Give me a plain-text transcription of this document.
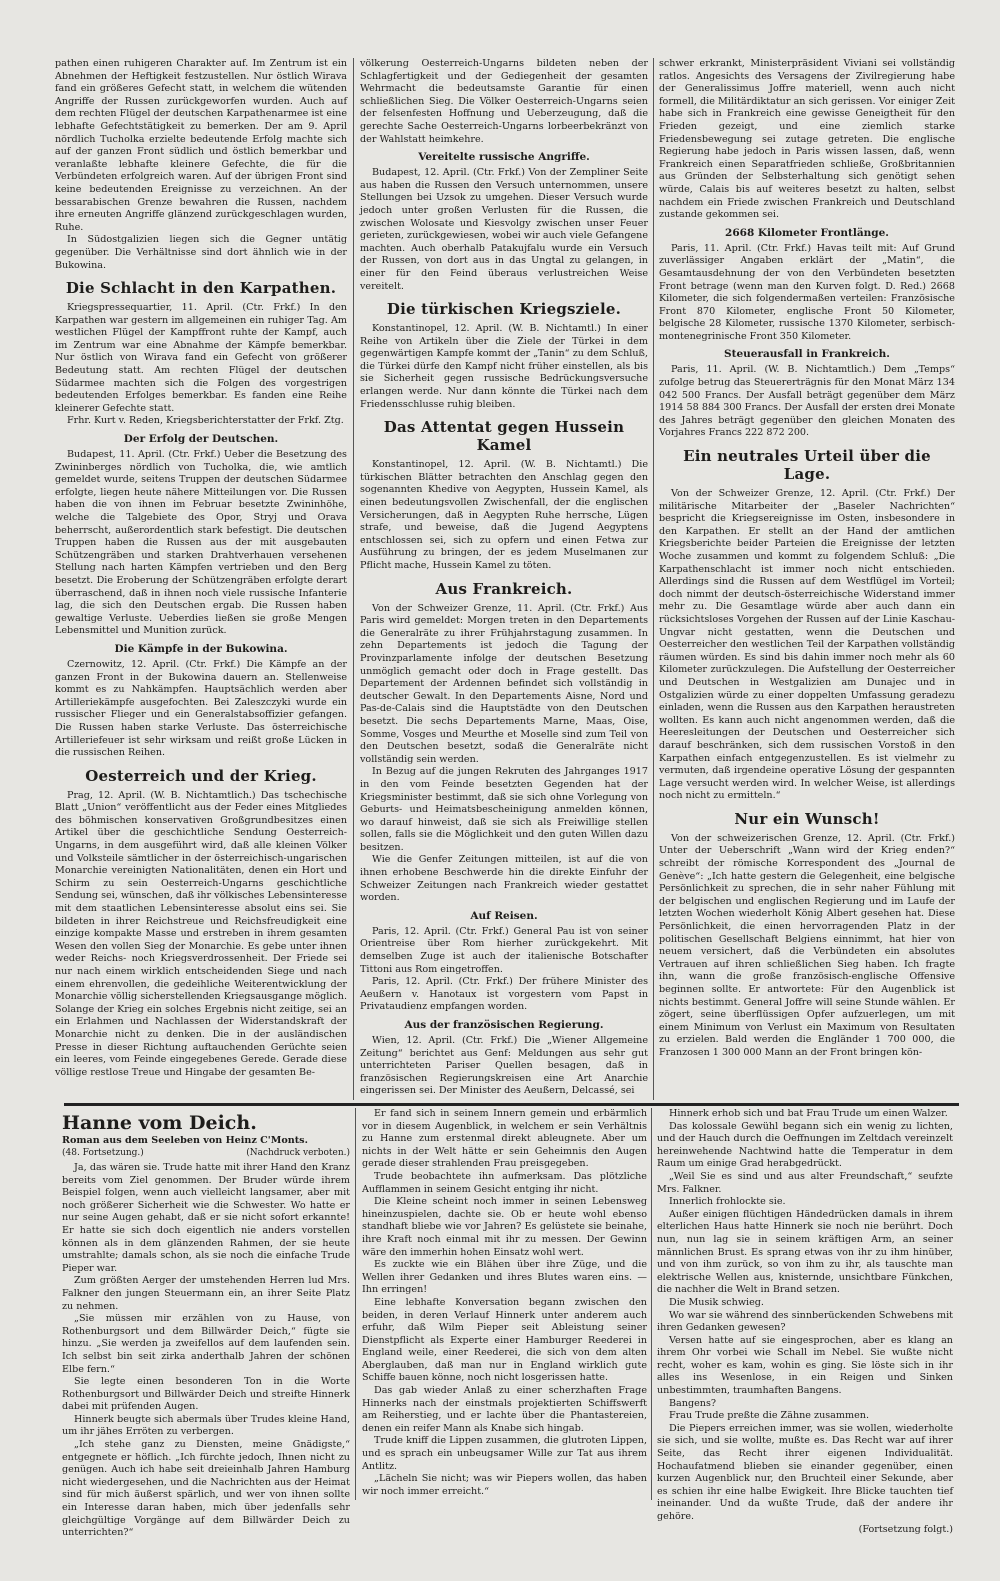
pathen einen ruhigeren Charakter auf. Im Zentrum ist ein Abnehmen der Heftigkeit festzustellen. Nur östlich Wirava fand ein größeres Gefecht statt, in welchem die wütenden Angriffe der Russen zurückgeworfen wurden. Auch auf dem rechten Flügel der deutschen Karpathenarmee ist eine lebhafte Gefechtstätigkeit zu bemerken. Der am 9. April nördlich Tucholka erzielte bedeutende Erfolg machte sich auf der ganzen Front südlich und östlich bemerkbar und veranlaßte lebhafte kleinere Gefechte, die für die Verbündeten erfolgreich waren. Auf der übrigen Front sind keine bedeutenden Ereignisse zu verzeichnen. An der bessarabischen Grenze bewahren die Russen, nachdem ihre erneuten Angriffe glänzend zurückgeschlagen wurden, Ruhe.

In Südostgalizien liegen sich die Gegner untätig gegenüber. Die Verhältnisse sind dort ähnlich wie in der Bukowina.

Die Schlacht in den Karpathen.

Kriegspressequartier, 11. April. (Ctr. Frkf.) In den Karpathen war gestern im allgemeinen ein ruhiger Tag. Am westlichen Flügel der Kampffront ruhte der Kampf, auch im Zentrum war eine Abnahme der Kämpfe bemerkbar. Nur östlich von Wirava fand ein Gefecht von größerer Bedeutung statt. Am rechten Flügel der deutschen Südarmee machten sich die Folgen des vorgestrigen bedeutenden Erfolges bemerkbar. Es fanden eine Reihe kleinerer Gefechte statt.

Frhr. Kurt v. Reden, Kriegsberichterstatter der Frkf. Ztg.

Der Erfolg der Deutschen.

Budapest, 11. April. (Ctr. Frkf.) Ueber die Besetzung des Zwininberges nördlich von Tucholka, die, wie amtlich gemeldet wurde, seitens Truppen der deutschen Südarmee erfolgte, liegen heute nähere Mitteilungen vor. Die Russen haben die von ihnen im Februar besetzte Zwininhöhe, welche die Talgebiete des Opor, Stryj und Orava beherrscht, außerordentlich stark befestigt. Die deutschen Truppen haben die Russen aus der mit ausgebauten Schützengräben und starken Drahtverhauen versehenen Stellung nach harten Kämpfen vertrieben und den Berg besetzt. Die Eroberung der Schützengräben erfolgte derart überraschend, daß in ihnen noch viele russische Infanterie lag, die sich den Deutschen ergab. Die Russen haben gewaltige Verluste. Ueberdies ließen sie große Mengen Lebensmittel und Munition zurück.

Die Kämpfe in der Bukowina.

Czernowitz, 12. April. (Ctr. Frkf.) Die Kämpfe an der ganzen Front in der Bukowina dauern an. Stellenweise kommt es zu Nahkämpfen. Hauptsächlich werden aber Artilleriekämpfe ausgefochten. Bei Zaleszczyki wurde ein russischer Flieger und ein Generalstabsoffizier gefangen. Die Russen haben starke Verluste. Das österreichische Artilleriefeuer ist sehr wirksam und reißt große Lücken in die russischen Reihen.

Oesterreich und der Krieg.

Prag, 12. April. (W. B. Nichtamtlich.) Das tschechische Blatt „Union“ veröffentlicht aus der Feder eines Mitgliedes des böhmischen konservativen Großgrundbesitzes einen Artikel über die geschichtliche Sendung Oesterreich-Ungarns, in dem ausgeführt wird, daß alle kleinen Völker und Volksteile sämtlicher in der österreichisch-ungarischen Monarchie vereinigten Nationalitäten, denen ein Hort und Schirm zu sein Oesterreich-Ungarns geschichtliche Sendung sei, wünschen, daß ihr völkisches Lebensinteresse mit dem staatlichen Lebensinteresse absolut eins sei. Sie bildeten in ihrer Reichstreue und Reichsfreudigkeit eine einzige kompakte Masse und erstreben in ihrem gesamten Wesen den vollen Sieg der Monarchie. Es gebe unter ihnen weder Reichs- noch Kriegsverdrossenheit. Der Friede sei nur nach einem wirklich entscheidenden Siege und nach einem ehrenvollen, die gedeihliche Weiterentwicklung der Monarchie völlig sicherstellenden Kriegsausgange möglich. Solange der Krieg ein solches Ergebnis nicht zeitige, sei an ein Erlahmen und Nachlassen der Widerstandskraft der Monarchie nicht zu denken. Die in der ausländischen Presse in dieser Richtung auftauchenden Gerüchte seien ein leeres, vom Feinde eingegebenes Gerede. Gerade diese völlige restlose Treue und Hingabe der gesamten Be-

völkerung Oesterreich-Ungarns bildeten neben der Schlagfertigkeit und der Gediegenheit der gesamten Wehrmacht die bedeutsamste Garantie für einen schließlichen Sieg. Die Völker Oesterreich-Ungarns seien der felsenfesten Hoffnung und Ueberzeugung, daß die gerechte Sache Oesterreich-Ungarns lorbeerbekränzt von der Wahlstatt heimkehre.

Vereitelte russische Angriffe.

Budapest, 12. April. (Ctr. Frkf.) Von der Zempliner Seite aus haben die Russen den Versuch unternommen, unsere Stellungen bei Uzsok zu umgehen. Dieser Versuch wurde jedoch unter großen Verlusten für die Russen, die zwischen Wolosate und Kiesvolgy zwischen unser Feuer gerieten, zurückgewiesen, wobei wir auch viele Gefangene machten. Auch oberhalb Patakujfalu wurde ein Versuch der Russen, von dort aus in das Ungtal zu gelangen, in einer für den Feind überaus verlustreichen Weise vereitelt.

Die türkischen Kriegsziele.

Konstantinopel, 12. April. (W. B. Nichtamtl.) In einer Reihe von Artikeln über die Ziele der Türkei in dem gegenwärtigen Kampfe kommt der „Tanin“ zu dem Schluß, die Türkei dürfe den Kampf nicht früher einstellen, als bis sie Sicherheit gegen russische Bedrückungsversuche erlangen werde. Nur dann könnte die Türkei nach dem Friedensschlusse ruhig bleiben.

Das Attentat gegen Hussein Kamel

Konstantinopel, 12. April. (W. B. Nichtamtl.) Die türkischen Blätter betrachten den Anschlag gegen den sogenannten Khedive von Aegypten, Hussein Kamel, als einen bedeutungsvollen Zwischenfall, der die englischen Versicherungen, daß in Aegypten Ruhe herrsche, Lügen strafe, und beweise, daß die Jugend Aegyptens entschlossen sei, sich zu opfern und einen Fetwa zur Ausführung zu bringen, der es jedem Muselmanen zur Pflicht mache, Hussein Kamel zu töten.

Aus Frankreich.

Von der Schweizer Grenze, 11. April. (Ctr. Frkf.) Aus Paris wird gemeldet: Morgen treten in den Departements die Generalräte zu ihrer Frühjahrstagung zusammen. In zehn Departements ist jedoch die Tagung der Provinzparlamente infolge der deutschen Besetzung unmöglich gemacht oder doch in Frage gestellt. Das Departement der Ardennen befindet sich vollständig in deutscher Gewalt. In den Departements Aisne, Nord und Pas-de-Calais sind die Hauptstädte von den Deutschen besetzt. Die sechs Departements Marne, Maas, Oise, Somme, Vosges und Meurthe et Moselle sind zum Teil von den Deutschen besetzt, sodaß die Generalräte nicht vollständig sein werden.

In Bezug auf die jungen Rekruten des Jahrganges 1917 in den vom Feinde besetzten Gegenden hat der Kriegsminister bestimmt, daß sie sich ohne Vorlegung von Geburts- und Heimatsbescheinigung anmelden können, wo darauf hinweist, daß sie sich als Freiwillige stellen sollen, falls sie die Möglichkeit und den guten Willen dazu besitzen.

Wie die Genfer Zeitungen mitteilen, ist auf die von ihnen erhobene Beschwerde hin die direkte Einfuhr der Schweizer Zeitungen nach Frankreich wieder gestattet worden.

Auf Reisen.

Paris, 12. April. (Ctr. Frkf.) General Pau ist von seiner Orientreise über Rom hierher zurückgekehrt. Mit demselben Zuge ist auch der italienische Botschafter Tittoni aus Rom eingetroffen.

Paris, 12. April. (Ctr. Frkf.) Der frühere Minister des Aeußern v. Hanotaux ist vorgestern vom Papst in Privataudienz empfangen worden.

Aus der französischen Regierung.

Wien, 12. April. (Ctr. Frkf.) Die „Wiener Allgemeine Zeitung“ berichtet aus Genf: Meldungen aus sehr gut unterrichteten Pariser Quellen besagen, daß in französischen Regierungskreisen eine Art Anarchie eingerissen sei. Der Minister des Aeußern, Delcassé, sei

schwer erkrankt, Ministerpräsident Viviani sei vollständig ratlos. Angesichts des Versagens der Zivilregierung habe der Generalissimus Joffre materiell, wenn auch nicht formell, die Militärdiktatur an sich gerissen. Vor einiger Zeit habe sich in Frankreich eine gewisse Geneigtheit für den Frieden gezeigt, und eine ziemlich starke Friedensbewegung sei zutage getreten. Die englische Regierung habe jedoch in Paris wissen lassen, daß, wenn Frankreich einen Separatfrieden schließe, Großbritannien aus Gründen der Selbsterhaltung sich genötigt sehen würde, Calais bis auf weiteres besetzt zu halten, selbst nachdem ein Friede zwischen Frankreich und Deutschland zustande gekommen sei.

2668 Kilometer Frontlänge.

Paris, 11. April. (Ctr. Frkf.) Havas teilt mit: Auf Grund zuverlässiger Angaben erklärt der „Matin“, die Gesamtausdehnung der von den Verbündeten besetzten Front betrage (wenn man den Kurven folgt. D. Red.) 2668 Kilometer, die sich folgendermaßen verteilen: Französische Front 870 Kilometer, englische Front 50 Kilometer, belgische 28 Kilometer, russische 1370 Kilometer, serbisch-montenegrinische Front 350 Kilometer.

Steuerausfall in Frankreich.

Paris, 11. April. (W. B. Nichtamtlich.) Dem „Temps“ zufolge betrug das Steuererträgnis für den Monat März 134 042 500 Francs. Der Ausfall beträgt gegenüber dem März 1914 58 884 300 Francs. Der Ausfall der ersten drei Monate des Jahres beträgt gegenüber den gleichen Monaten des Vorjahres Francs 222 872 200.

Ein neutrales Urteil über die Lage.

Von der Schweizer Grenze, 12. April. (Ctr. Frkf.) Der militärische Mitarbeiter der „Baseler Nachrichten“ bespricht die Kriegsereignisse im Osten, insbesondere in den Karpathen. Er stellt an der Hand der amtlichen Kriegsberichte beider Parteien die Ereignisse der letzten Woche zusammen und kommt zu folgendem Schluß: „Die Karpathenschlacht ist immer noch nicht entschieden. Allerdings sind die Russen auf dem Westflügel im Vorteil; doch nimmt der deutsch-österreichische Widerstand immer mehr zu. Die Gesamtlage würde aber auch dann ein rücksichtsloses Vorgehen der Russen auf der Linie Kaschau-Ungvar nicht gestatten, wenn die Deutschen und Oesterreicher den westlichen Teil der Karpathen vollständig räumen würden. Es sind bis dahin immer noch mehr als 60 Kilometer zurückzulegen. Die Aufstellung der Oesterreicher und Deutschen in Westgalizien am Dunajec und in Ostgalizien würde zu einer doppelten Umfassung geradezu einladen, wenn die Russen aus den Karpathen heraustreten wollten. Es kann auch nicht angenommen werden, daß die Heeresleitungen der Deutschen und Oesterreicher sich darauf beschränken, sich dem russischen Vorstoß in den Karpathen einfach entgegenzustellen. Es ist vielmehr zu vermuten, daß irgendeine operative Lösung der gespannten Lage versucht werden wird. In welcher Weise, ist allerdings noch nicht zu ermitteln.“

Nur ein Wunsch!

Von der schweizerischen Grenze, 12. April. (Ctr. Frkf.) Unter der Ueberschrift „Wann wird der Krieg enden?“ schreibt der römische Korrespondent des „Journal de Genève“: „Ich hatte gestern die Gelegenheit, eine belgische Persönlichkeit zu sprechen, die in sehr naher Fühlung mit der belgischen und englischen Regierung und im Laufe der letzten Wochen wiederholt König Albert gesehen hat. Diese Persönlichkeit, die einen hervorragenden Platz in der politischen Gesellschaft Belgiens einnimmt, hat hier von neuem versichert, daß die Verbündeten ein absolutes Vertrauen auf ihren schließlichen Sieg haben. Ich fragte ihn, wann die große französisch-englische Offensive beginnen sollte. Er antwortete: Für den Augenblick ist nichts bestimmt. General Joffre will seine Stunde wählen. Er zögert, seine überflüssigen Opfer aufzuerlegen, um mit einem Minimum von Verlust ein Maximum von Resultaten zu erzielen. Bald werden die Engländer 1 700 000, die Franzosen 1 300 000 Mann an der Front bringen kön-

Hanne vom Deich.
Roman aus dem Seeleben von Heinz C'Monts.
(48. Fortsetzung.)	(Nachdruck verboten.)

Ja, das wären sie. Trude hatte mit ihrer Hand den Kranz bereits vom Ziel genommen. Der Bruder würde ihrem Beispiel folgen, wenn auch vielleicht langsamer, aber mit noch größerer Sicherheit wie die Schwester. Wo hatte er nur seine Augen gehabt, daß er sie nicht sofort erkannte! Er hatte sie sich doch eigentlich nie anders vorstellen können als in dem glänzenden Rahmen, der sie heute umstrahlte; damals schon, als sie noch die einfache Trude Pieper war.

Zum größten Aerger der umstehenden Herren lud Mrs. Falkner den jungen Steuermann ein, an ihrer Seite Platz zu nehmen.

„Sie müssen mir erzählen von zu Hause, von Rothenburgsort und dem Billwärder Deich,“ fügte sie hinzu. „Sie werden ja zweifellos auf dem laufenden sein. Ich selbst bin seit zirka anderthalb Jahren der schönen Elbe fern.“

Sie legte einen besonderen Ton in die Worte Rothenburgsort und Billwärder Deich und streifte Hinnerk dabei mit prüfenden Augen.

Hinnerk beugte sich abermals über Trudes kleine Hand, um ihr jähes Erröten zu verbergen.

„Ich stehe ganz zu Diensten, meine Gnädigste,“ entgegnete er höflich. „Ich fürchte jedoch, Ihnen nicht zu genügen. Auch ich habe seit dreieinhalb Jahren Hamburg nicht wiedergesehen, und die Nachrichten aus der Heimat sind für mich äußerst spärlich, und wer von ihnen sollte ein Interesse daran haben, mich über jedenfalls sehr gleichgültige Vorgänge auf dem Billwärder Deich zu unterrichten?“

Er fand sich in seinem Innern gemein und erbärmlich vor in diesem Augenblick, in welchem er sein Verhältnis zu Hanne zum erstenmal direkt ableugnete. Aber um nichts in der Welt hätte er sein Geheimnis den Augen gerade dieser strahlenden Frau preisgegeben.

Trude beobachtete ihn aufmerksam. Das plötzliche Aufflammen in seinem Gesicht entging ihr nicht.

Die Kleine scheint noch immer in seinen Lebensweg hineinzuspielen, dachte sie. Ob er heute wohl ebenso standhaft bliebe wie vor Jahren? Es gelüstete sie beinahe, ihre Kraft noch einmal mit ihr zu messen. Der Gewinn wäre den immerhin hohen Einsatz wohl wert.

Es zuckte wie ein Blähen über ihre Züge, und die Wellen ihrer Gedanken und ihres Blutes waren eins. — Ihn erringen!

Eine lebhafte Konversation begann zwischen den beiden, in deren Verlauf Hinnerk unter anderem auch erfuhr, daß Wilm Pieper seit Ableistung seiner Dienstpflicht als Experte einer Hamburger Reederei in England weile, einer Reederei, die sich von dem alten Aberglauben, daß man nur in England wirklich gute Schiffe bauen könne, noch nicht losgerissen hatte.

Das gab wieder Anlaß zu einer scherzhaften Frage Hinnerks nach der einstmals projektierten Schiffswerft am Reiherstieg, und er lachte über die Phantastereien, denen ein reifer Mann als Knabe sich hingab.

Trude kniff die Lippen zusammen, die glutroten Lippen, und es sprach ein unbeugsamer Wille zur Tat aus ihrem Antlitz.

„Lächeln Sie nicht; was wir Piepers wollen, das haben wir noch immer erreicht.“

Hinnerk erhob sich und bat Frau Trude um einen Walzer.

Das kolossale Gewühl begann sich ein wenig zu lichten, und der Hauch durch die Oeffnungen im Zeltdach vereinzelt hereinwehende Nachtwind hatte die Temperatur in dem Raum um einige Grad herabgedrückt.

„Weil Sie es sind und aus alter Freundschaft,“ seufzte Mrs. Falkner.

Innerlich frohlockte sie.

Außer einigen flüchtigen Händedrücken damals in ihrem elterlichen Haus hatte Hinnerk sie noch nie berührt. Doch nun, nun lag sie in seinem kräftigen Arm, an seiner männlichen Brust. Es sprang etwas von ihr zu ihm hinüber, und von ihm zurück, so von ihm zu ihr, als tauschte man elektrische Wellen aus, knisternde, unsichtbare Fünkchen, die nachher die Welt in Brand setzen.

Die Musik schwieg.

Wo war sie während des sinnberückenden Schwebens mit ihren Gedanken gewesen?

Versen hatte auf sie eingesprochen, aber es klang an ihrem Ohr vorbei wie Schall im Nebel. Sie wußte nicht recht, woher es kam, wohin es ging. Sie löste sich in ihr alles ins Wesenlose, in ein Reigen und Sinken unbestimmten, traumhaften Bangens.

Bangens?

Frau Trude preßte die Zähne zusammen.

Die Piepers erreichen immer, was sie wollen, wiederholte sie sich, und sie wollte, mußte es. Das Recht war auf ihrer Seite, das Recht ihrer eigenen Individualität. Hochaufatmend blieben sie einander gegenüber, einen kurzen Augenblick nur, den Bruchteil einer Sekunde, aber es schien ihr eine halbe Ewigkeit. Ihre Blicke tauchten tief ineinander. Und da wußte Trude, daß der andere ihr gehöre.

(Fortsetzung folgt.)
